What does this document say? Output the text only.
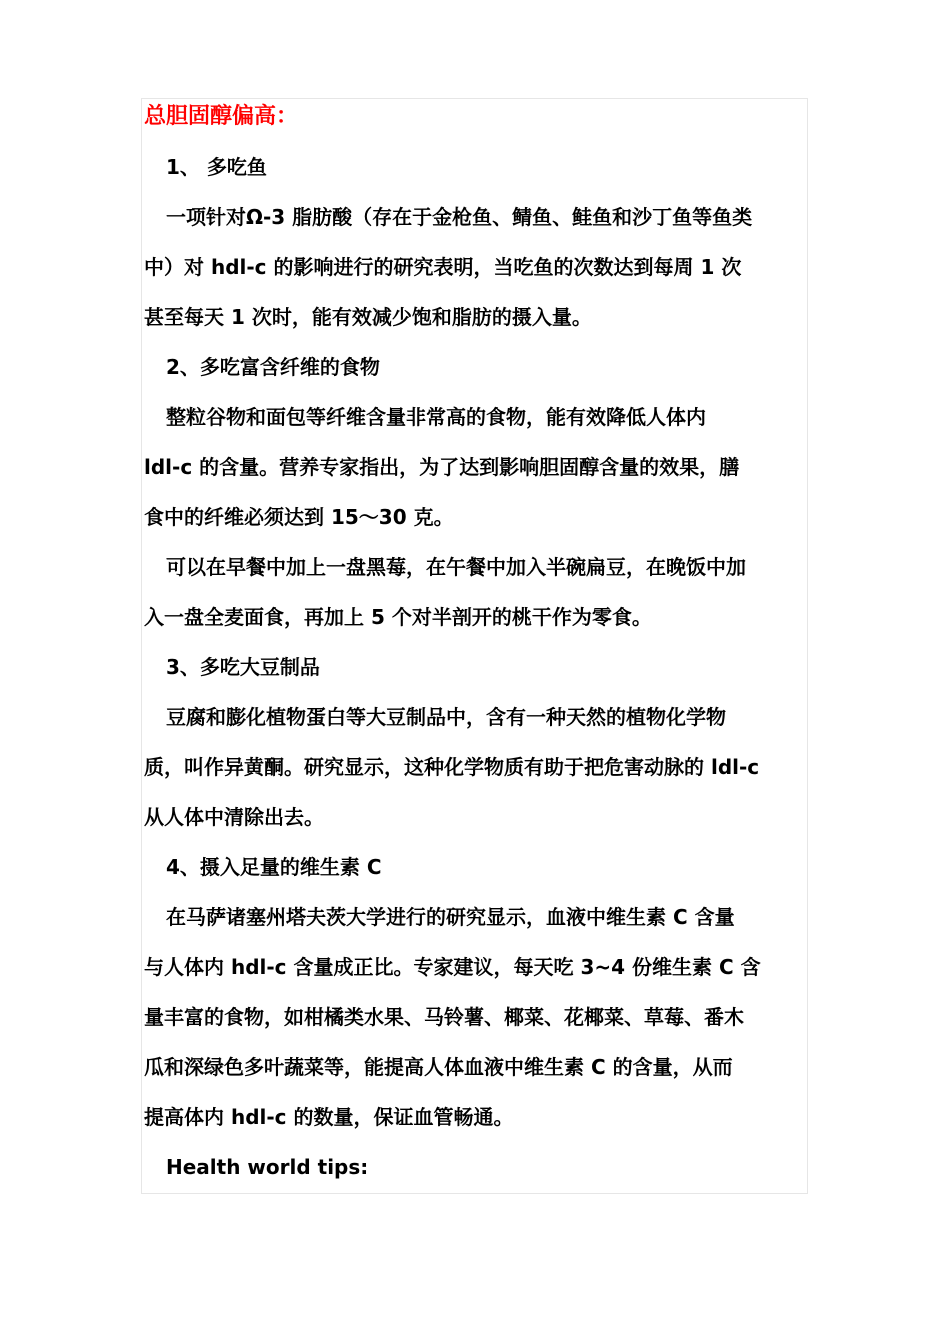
总胆固醇偏高：

1、 多吃鱼

一项针对Ω-3 脂肪酸（存在于金枪鱼、鲭鱼、鲑鱼和沙丁鱼等鱼类

中）对 hdl-c 的影响进行的研究表明，当吃鱼的次数达到每周 1 次

甚至每天 1 次时，能有效减少饱和脂肪的摄入量。

2、多吃富含纤维的食物

整粒谷物和面包等纤维含量非常高的食物，能有效降低人体内

ldl-c 的含量。营养专家指出，为了达到影响胆固醇含量的效果，膳

食中的纤维必须达到 15～30 克。

可以在早餐中加上一盘黑莓，在午餐中加入半碗扁豆，在晚饭中加

入一盘全麦面食，再加上 5 个对半剖开的桃干作为零食。

3、多吃大豆制品

豆腐和膨化植物蛋白等大豆制品中，含有一种天然的植物化学物

质，叫作异黄酮。研究显示，这种化学物质有助于把危害动脉的 ldl-c

从人体中清除出去。

4、摄入足量的维生素 C

在马萨诸塞州塔夫茨大学进行的研究显示，血液中维生素 C 含量

与人体内 hdl-c 含量成正比。专家建议，每天吃 3~4 份维生素 C 含

量丰富的食物，如柑橘类水果、马铃薯、椰菜、花椰菜、草莓、番木

瓜和深绿色多叶蔬菜等，能提高人体血液中维生素 C 的含量，从而

提高体内 hdl-c 的数量，保证血管畅通。

Health world tips:
